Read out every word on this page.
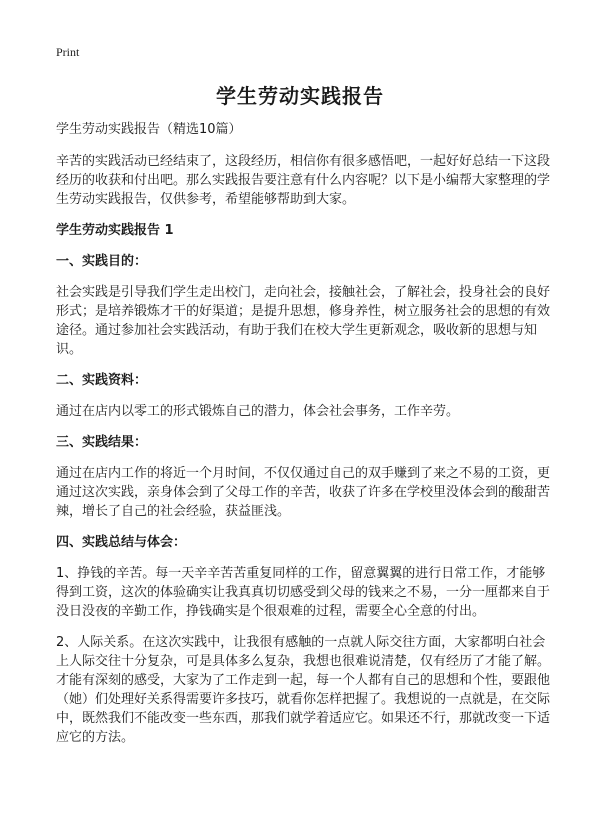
Print
学生劳动实践报告

学生劳动实践报告（精选10篇）

辛苦的实践活动已经结束了，这段经历，相信你有很多感悟吧，一起好好总结一下这段经历的收获和付出吧。那么实践报告要注意有什么内容呢？以下是小编帮大家整理的学生劳动实践报告，仅供参考，希望能够帮助到大家。

学生劳动实践报告 1

一、实践目的：

社会实践是引导我们学生走出校门，走向社会，接触社会，了解社会，投身社会的良好形式；是培养锻炼才干的好渠道；是提升思想，修身养性，树立服务社会的思想的有效途径。通过参加社会实践活动，有助于我们在校大学生更新观念，吸收新的思想与知识。

二、实践资料：

通过在店内以零工的形式锻炼自己的潜力，体会社会事务，工作辛劳。

三、实践结果：

通过在店内工作的将近一个月时间，不仅仅通过自己的双手赚到了来之不易的工资，更通过这次实践，亲身体会到了父母工作的辛苦，收获了许多在学校里没体会到的酸甜苦辣，增长了自己的社会经验，获益匪浅。

四、实践总结与体会：

1、挣钱的辛苦。每一天辛辛苦苦重复同样的工作，留意翼翼的进行日常工作，才能够得到工资，这次的体验确实让我真真切切感受到父母的钱来之不易，一分一厘都来自于没日没夜的辛勤工作，挣钱确实是个很艰难的过程，需要全心全意的付出。

2、人际关系。在这次实践中，让我很有感触的一点就人际交往方面，大家都明白社会上人际交往十分复杂，可是具体多么复杂，我想也很难说清楚，仅有经历了才能了解。才能有深刻的感受，大家为了工作走到一起，每一个人都有自己的思想和个性，要跟他（她）们处理好关系得需要许多技巧，就看你怎样把握了。我想说的一点就是，在交际中，既然我们不能改变一些东西，那我们就学着适应它。如果还不行，那就改变一下适应它的方法。
